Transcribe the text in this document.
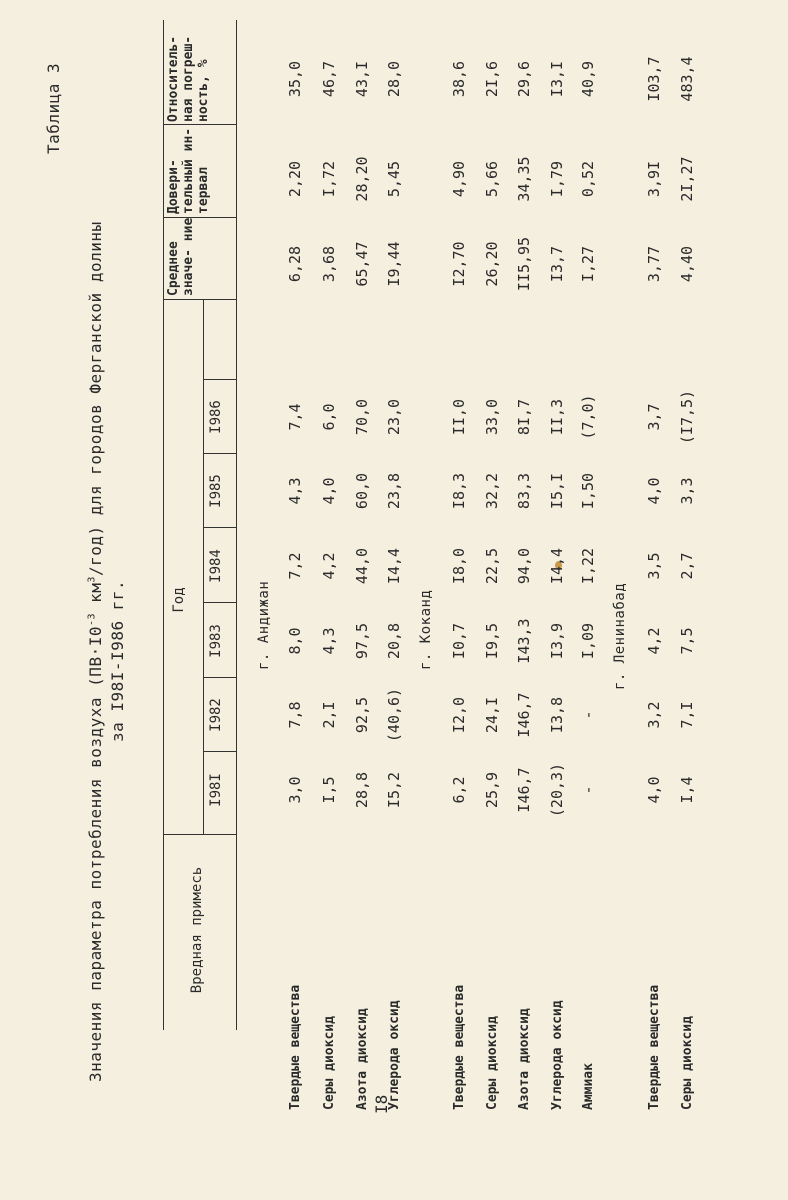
I8
Таблица 3
Значения параметра потребления воздуха ($ПВ\cdot I0^{-3}$ $км^3/год$) для городов Ферганской долины
за I98I-I986 гг.
Вредная примесь
Год
I98I
I982
I983
I984
I985
I986
Среднее значе- ние
Довери- тельный ин- тервал
Относитель- ная погреш- ность, %
г. Андижан	г. Коканд	г. Ленинабад
Твердые вещества
3,0
7,8
8,0
7,2
4,3
7,4
6,28
2,20
35,0
Серы диоксид
I,5
2,I
4,3
4,2
4,0
6,0
3,68
I,72
46,7
Азота диоксид
28,8
92,5
97,5
44,0
60,0
70,0
65,47
28,20
43,I
Углерода оксид
I5,2
(40,6)
20,8
I4,4
23,8
23,0
I9,44
5,45
28,0
Твердые вещества
6,2
I2,0
I0,7
I8,0
I8,3
II,0
I2,70
4,90
38,6
Серы диоксид
25,9
24,I
I9,5
22,5
32,2
33,0
26,20
5,66
2I,6
Азота диоксид
I46,7
I46,7
I43,3
94,0
83,3
8I,7
II5,95
34,35
29,6
Углерода оксид
(20,3)
I3,8
I3,9
I4,4
I5,I
II,3
I3,7
I,79
I3,I
Аммиак
-
-
I,09
I,22
I,50
(7,0)
I,27
0,52
40,9
Твердые вещества
4,0
3,2
4,2
3,5
4,0
3,7
3,77
3,9I
I03,7
Серы диоксид
I,4
7,I
7,5
2,7
3,3
(I7,5)
4,40
2I,27
483,4
